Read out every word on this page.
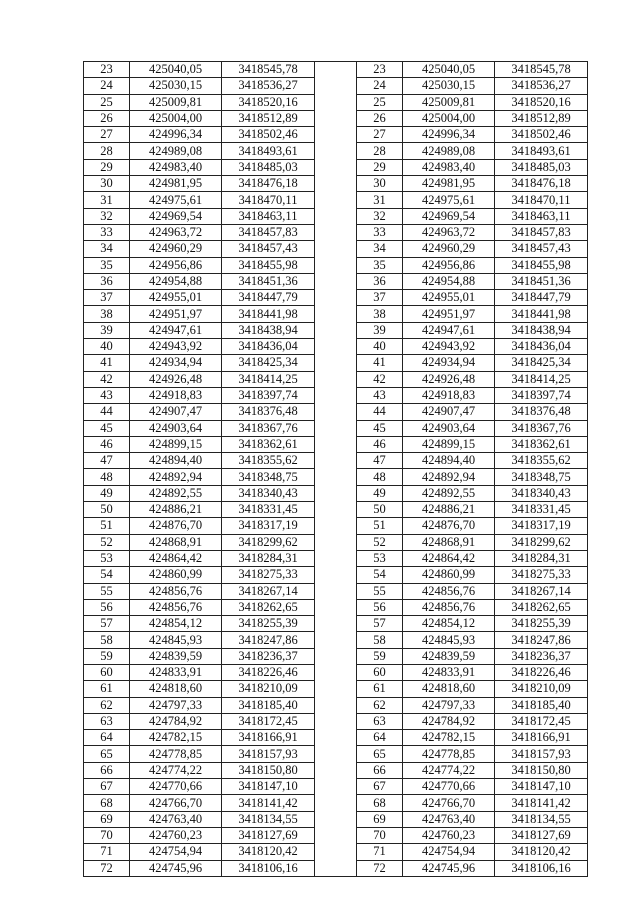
23	425040,05	3418545,78		23	425040,05	3418545,78
24	425030,15	3418536,27		24	425030,15	3418536,27
25	425009,81	3418520,16		25	425009,81	3418520,16
26	425004,00	3418512,89		26	425004,00	3418512,89
27	424996,34	3418502,46		27	424996,34	3418502,46
28	424989,08	3418493,61		28	424989,08	3418493,61
29	424983,40	3418485,03		29	424983,40	3418485,03
30	424981,95	3418476,18		30	424981,95	3418476,18
31	424975,61	3418470,11		31	424975,61	3418470,11
32	424969,54	3418463,11		32	424969,54	3418463,11
33	424963,72	3418457,83		33	424963,72	3418457,83
34	424960,29	3418457,43		34	424960,29	3418457,43
35	424956,86	3418455,98		35	424956,86	3418455,98
36	424954,88	3418451,36		36	424954,88	3418451,36
37	424955,01	3418447,79		37	424955,01	3418447,79
38	424951,97	3418441,98		38	424951,97	3418441,98
39	424947,61	3418438,94		39	424947,61	3418438,94
40	424943,92	3418436,04		40	424943,92	3418436,04
41	424934,94	3418425,34		41	424934,94	3418425,34
42	424926,48	3418414,25		42	424926,48	3418414,25
43	424918,83	3418397,74		43	424918,83	3418397,74
44	424907,47	3418376,48		44	424907,47	3418376,48
45	424903,64	3418367,76		45	424903,64	3418367,76
46	424899,15	3418362,61		46	424899,15	3418362,61
47	424894,40	3418355,62		47	424894,40	3418355,62
48	424892,94	3418348,75		48	424892,94	3418348,75
49	424892,55	3418340,43		49	424892,55	3418340,43
50	424886,21	3418331,45		50	424886,21	3418331,45
51	424876,70	3418317,19		51	424876,70	3418317,19
52	424868,91	3418299,62		52	424868,91	3418299,62
53	424864,42	3418284,31		53	424864,42	3418284,31
54	424860,99	3418275,33		54	424860,99	3418275,33
55	424856,76	3418267,14		55	424856,76	3418267,14
56	424856,76	3418262,65		56	424856,76	3418262,65
57	424854,12	3418255,39		57	424854,12	3418255,39
58	424845,93	3418247,86		58	424845,93	3418247,86
59	424839,59	3418236,37		59	424839,59	3418236,37
60	424833,91	3418226,46		60	424833,91	3418226,46
61	424818,60	3418210,09		61	424818,60	3418210,09
62	424797,33	3418185,40		62	424797,33	3418185,40
63	424784,92	3418172,45		63	424784,92	3418172,45
64	424782,15	3418166,91		64	424782,15	3418166,91
65	424778,85	3418157,93		65	424778,85	3418157,93
66	424774,22	3418150,80		66	424774,22	3418150,80
67	424770,66	3418147,10		67	424770,66	3418147,10
68	424766,70	3418141,42		68	424766,70	3418141,42
69	424763,40	3418134,55		69	424763,40	3418134,55
70	424760,23	3418127,69		70	424760,23	3418127,69
71	424754,94	3418120,42		71	424754,94	3418120,42
72	424745,96	3418106,16		72	424745,96	3418106,16
